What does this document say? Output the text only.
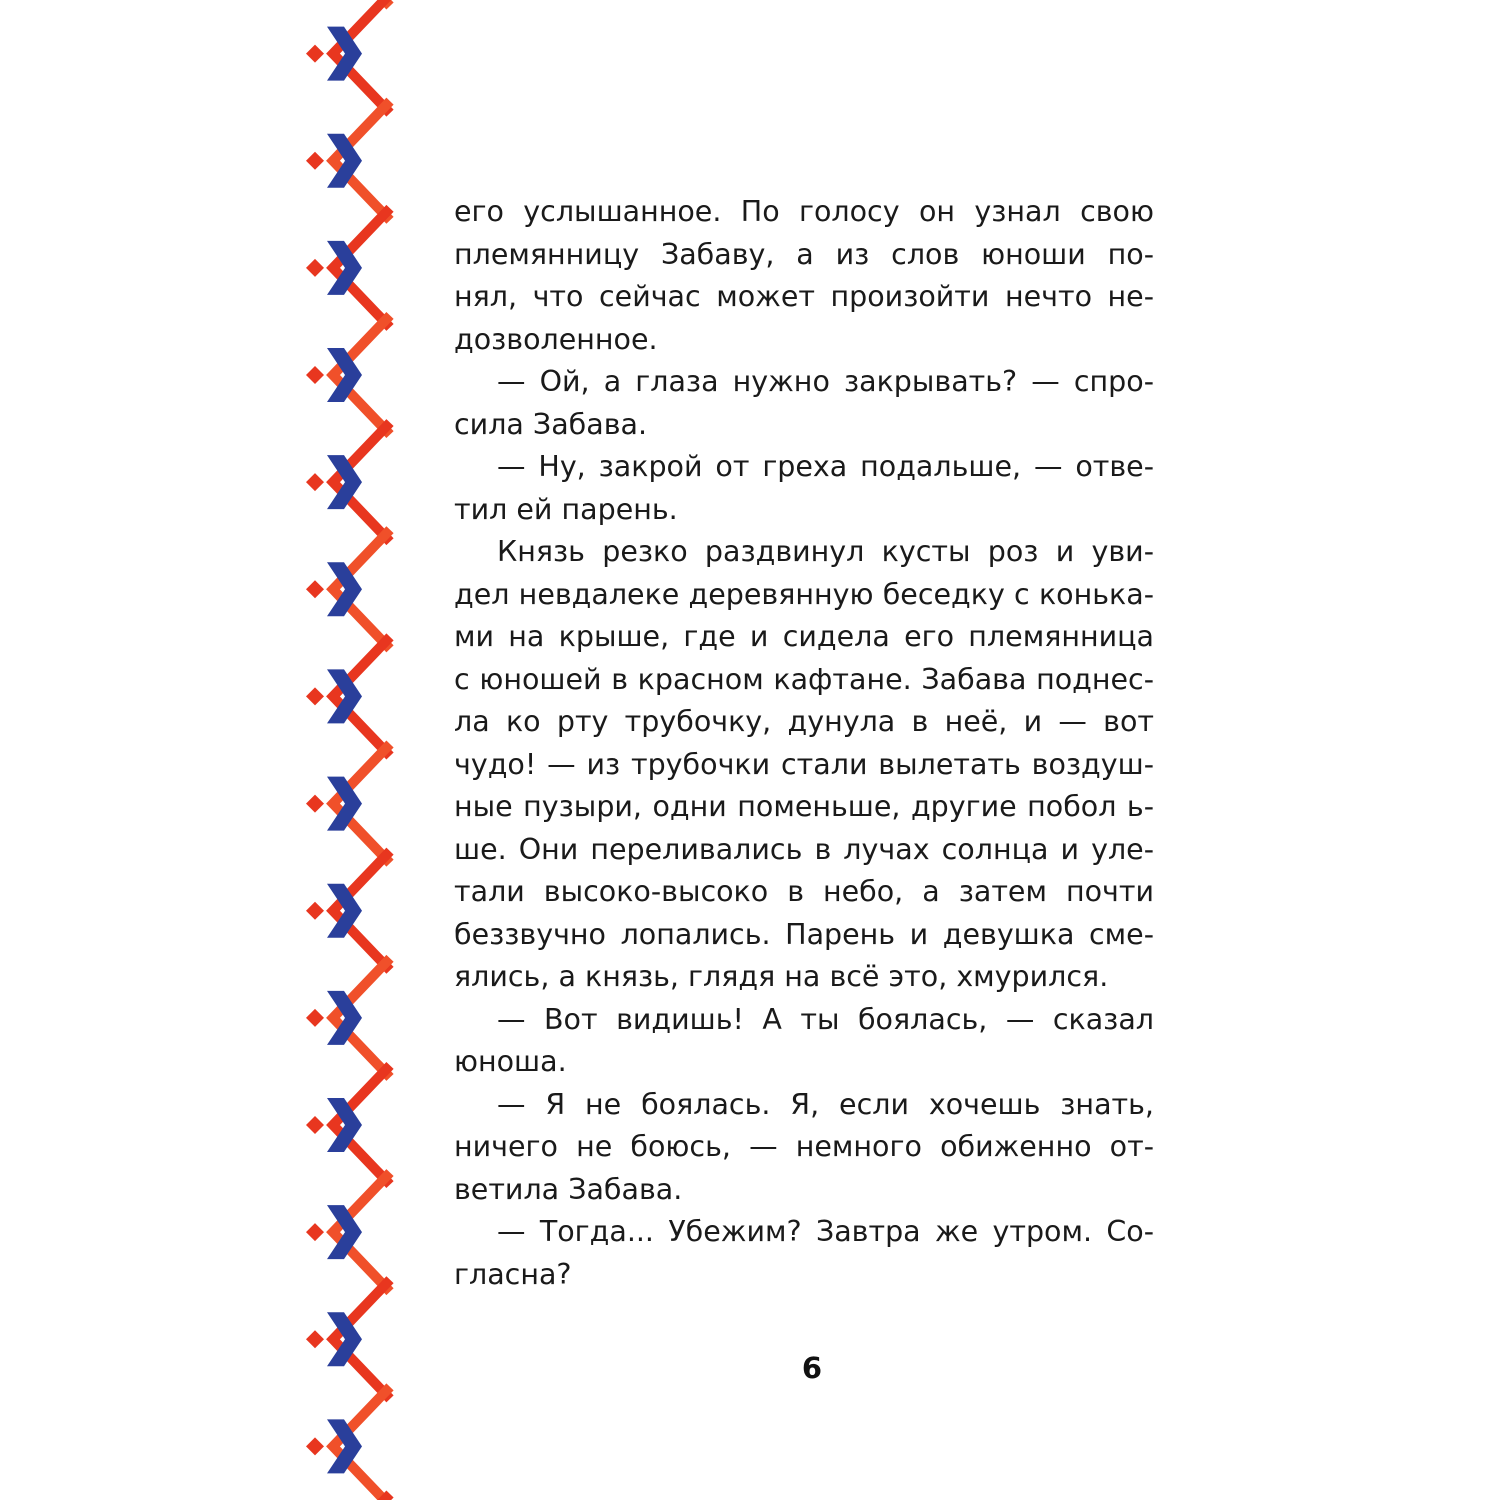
его услышанное. По голосу он узнал свою
племянницу Забаву, а из слов юноши по-
нял, что сейчас может произойти нечто не-
дозволенное.
— Ой, а глаза нужно закрывать? — спро-
сила Забава.
— Ну, закрой от греха подальше, — отве-
тил ей парень.
Князь резко раздвинул кусты роз и уви-
дел невдалеке деревянную беседку с конька-
ми на крыше, где и сидела его племянница
с юношей в красном кафтане. Забава поднес-
ла ко рту трубочку, дунула в неё, и — вот
чудо! — из трубочки стали вылетать воздуш-
ные пузыри, одни поменьше, другие побол ь-
ше. Они переливались в лучах солнца и уле-
тали высоко-высоко в небо, а затем почти
беззвучно лопались. Парень и девушка сме-
ялись, а князь, глядя на всё это, хмурился.
— Вот видишь! А ты боялась, — сказал
юноша.
— Я не боялась. Я, если хочешь знать,
ничего не боюсь, — немного обиженно от-
ветила Забава.
— Тогда... Убежим? Завтра же утром. Со-
гласна?
6
